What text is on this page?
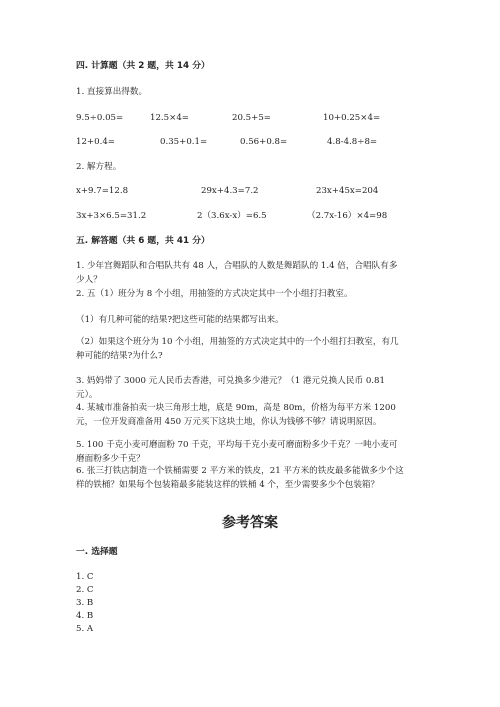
四. 计算题（共 2 题，共 14 分）
1. 直接算出得数。
9.5÷0.05=	12.5×4=	20.5+5=	10+0.25×4=
12+0.4=	0.35+0.1=	0.56+0.8=	4.8-4.8÷8=
2. 解方程。
x+9.7=12.8	29x+4.3=7.2	23x+45x=204
3x+3×6.5=31.2	2（3.6x-x）=6.5	（2.7x-16）×4=98
五. 解答题（共 6 题，共 41 分）
1. 少年宫舞蹈队和合唱队共有 48 人，合唱队的人数是舞蹈队的 1.4 倍，合唱队有多少人？
2. 五（1）班分为 8 个小组，用抽签的方式决定其中一个小组打扫教室。
（1）有几种可能的结果?把这些可能的结果都写出来。
（2）如果这个班分为 10 个小组，用抽签的方式决定其中的一个小组打扫教室，有几种可能的结果?为什么?
3. 妈妈带了 3000 元人民币去香港，可兑换多少港元？（1 港元兑换人民币 0.81 元）。
4. 某城市准备拍卖一块三角形土地，底是 90m，高是 80m，价格为每平方米 1200 元，一位开发商准备用 450 万元买下这块土地，你认为钱够不够？请说明原因。
5. 100 千克小麦可磨面粉 70 千克，平均每千克小麦可磨面粉多少千克？一吨小麦可磨面粉多少千克？
6. 张三打铁店制造一个铁桶需要 2 平方米的铁皮，21 平方米的铁皮最多能做多少个这样的铁桶？如果每个包装箱最多能装这样的铁桶 4 个，至少需要多少个包装箱？
参考答案
一. 选择题
1. C
2. C
3. B
4. B
5. A
